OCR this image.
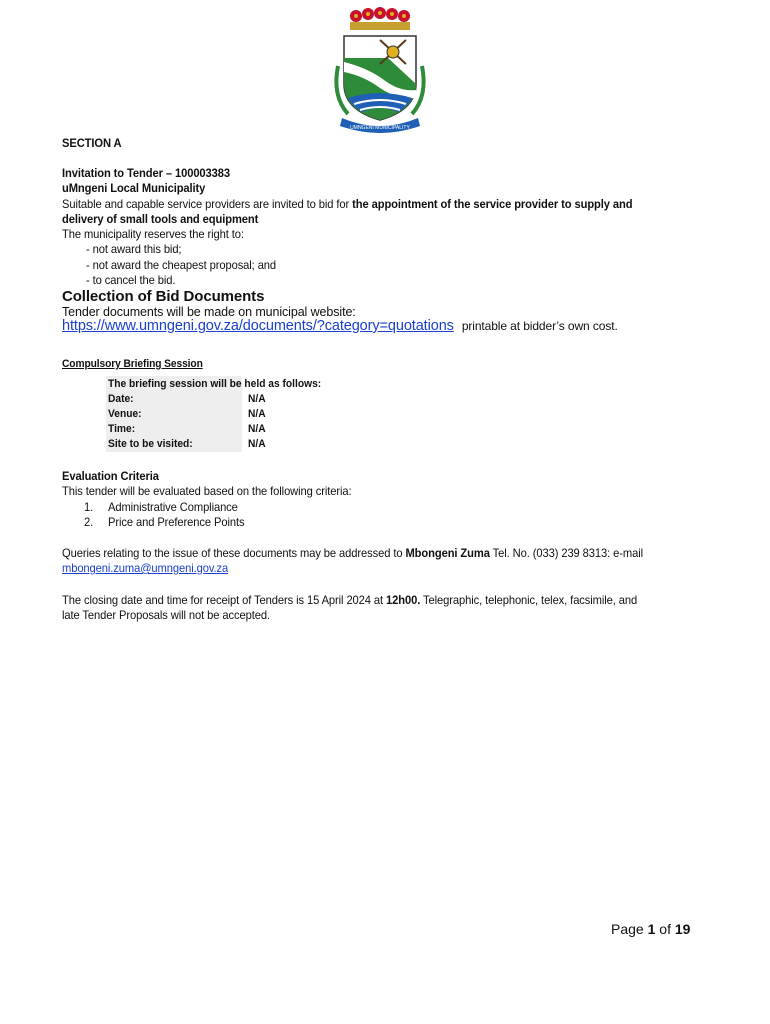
UMNGENI MUNICIPALITY
SECTION A
Invitation to Tender – 100003383
uMngeni Local Municipality
Suitable and capable service providers are invited to bid for the appointment of the service provider to supply and
delivery of small tools and equipment
The municipality reserves the right to:
- not award this bid;
- not award the cheapest proposal; and
- to cancel the bid.
Collection of Bid Documents
Tender documents will be made on municipal website:
https://www.umngeni.gov.za/documents/?category=quotations printable at bidder’s own cost.
Compulsory Briefing Session
The briefing session will be held as follows:
Date:	N/A
Venue:	N/A
Time:	N/A
Site to be visited:	N/A
Evaluation Criteria
This tender will be evaluated based on the following criteria:
1. Administrative Compliance
2. Price and Preference Points
Queries relating to the issue of these documents may be addressed to Mbongeni Zuma Tel. No. (033) 239 8313: e-mail
mbongeni.zuma@umngeni.gov.za
The closing date and time for receipt of Tenders is 15 April 2024 at 12h00. Telegraphic, telephonic, telex, facsimile, and
late Tender Proposals will not be accepted.
Page 1 of 19
